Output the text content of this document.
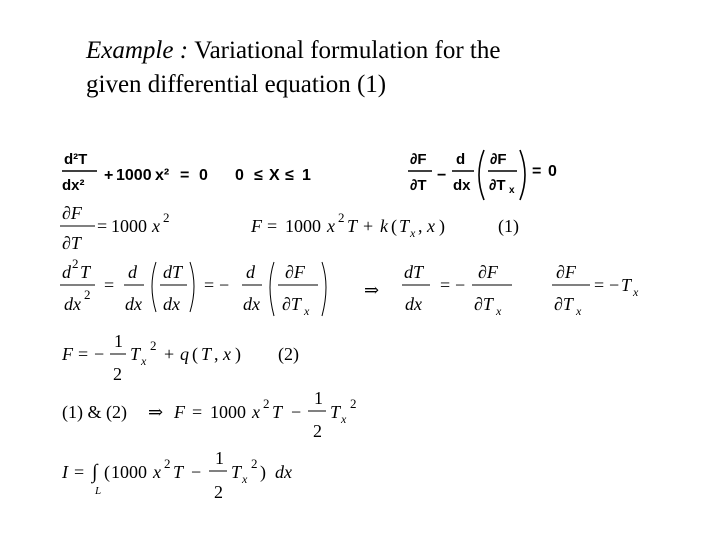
Example : Variational formulation for the
given differential equation (1)
d²T
dx²
+ 1000 x² = 0 0 ≤ X ≤ 1
∂F
∂T
−
d
dx
∂F
∂T x
= 0
∂F
∂T
= 1000 x 2	F = 1000 x 2 T + k ( T x , x )	(1)
d 2 T
dx 2 =
d
dx
dT
dx
= −
d
dx
∂F
∂T x
⇒
dT
dx
= −
∂F
∂T x
∂F
∂T x
= − T x
F = −
1
2
T x
2 + q ( T , x ) (2)
(1) & (2) ⇒ F = 1000 x 2 T −
1
2
T x
2
I = ∫
L
( 1000 x 2 T −
1
2
T x
2 ) dx
